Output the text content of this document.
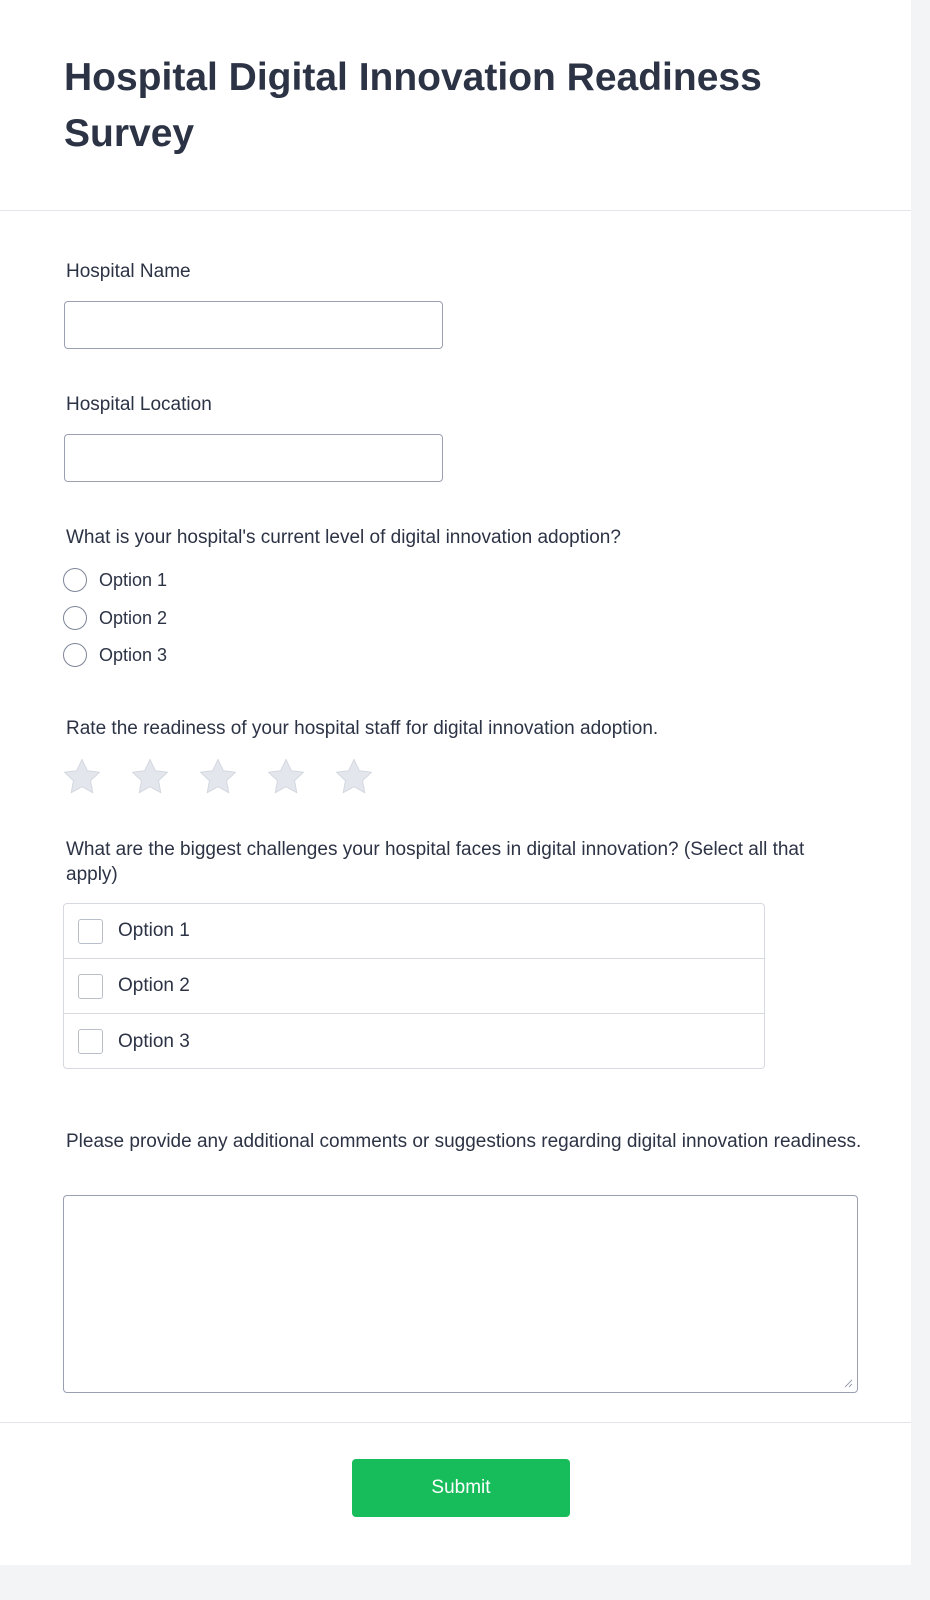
Hospital Digital Innovation Readiness Survey
Hospital Name
Hospital Location
What is your hospital's current level of digital innovation adoption?
Option 1
Option 2
Option 3
Rate the readiness of your hospital staff for digital innovation adoption.
What are the biggest challenges your hospital faces in digital innovation? (Select all that apply)
Option 1
Option 2
Option 3
Please provide any additional comments or suggestions regarding digital innovation readiness.
Submit
